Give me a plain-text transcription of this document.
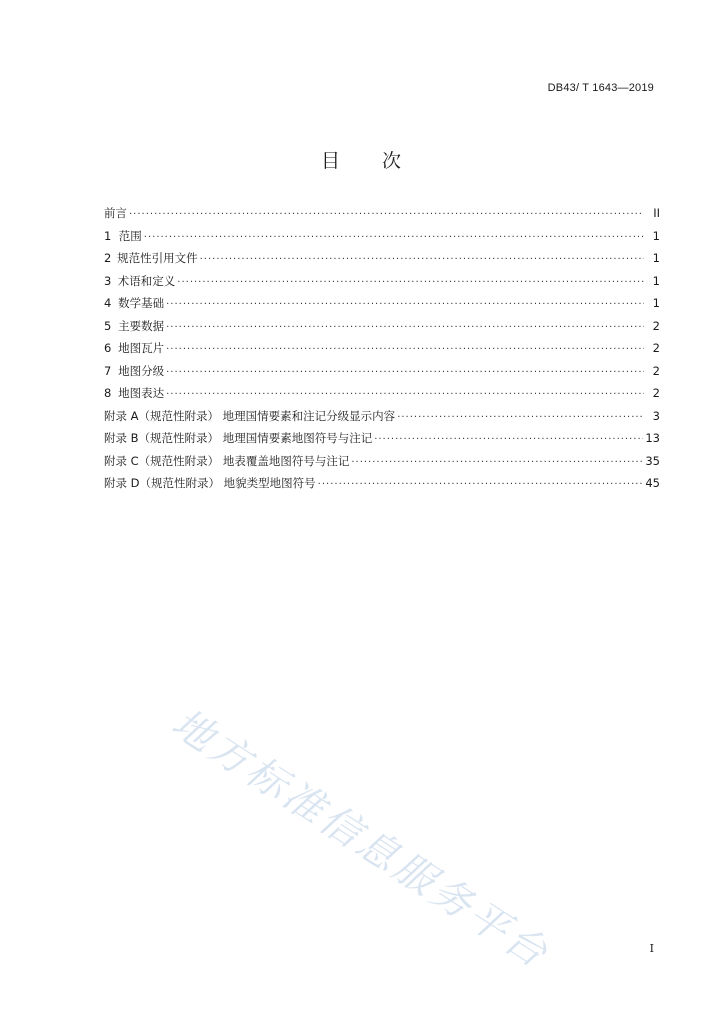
DB43/ T 1643—2019
目 次
前言 ·····	II
1 范围 ·····	1
2 规范性引用文件 ·····	1
3 术语和定义 ·····	1
4 数学基础 ·····	1
5 主要数据 ·····	2
6 地图瓦片 ·····	2
7 地图分级 ·····	2
8 地图表达 ·····	2
附录 A（规范性附录） 地理国情要素和注记分级显示内容 ·····	3
附录 B（规范性附录） 地理国情要素地图符号与注记 ·····	13
附录 C（规范性附录） 地表覆盖地图符号与注记 ·····	35
附录 D（规范性附录） 地貌类型地图符号 ·····	45
地方标准信息服务平台	I
